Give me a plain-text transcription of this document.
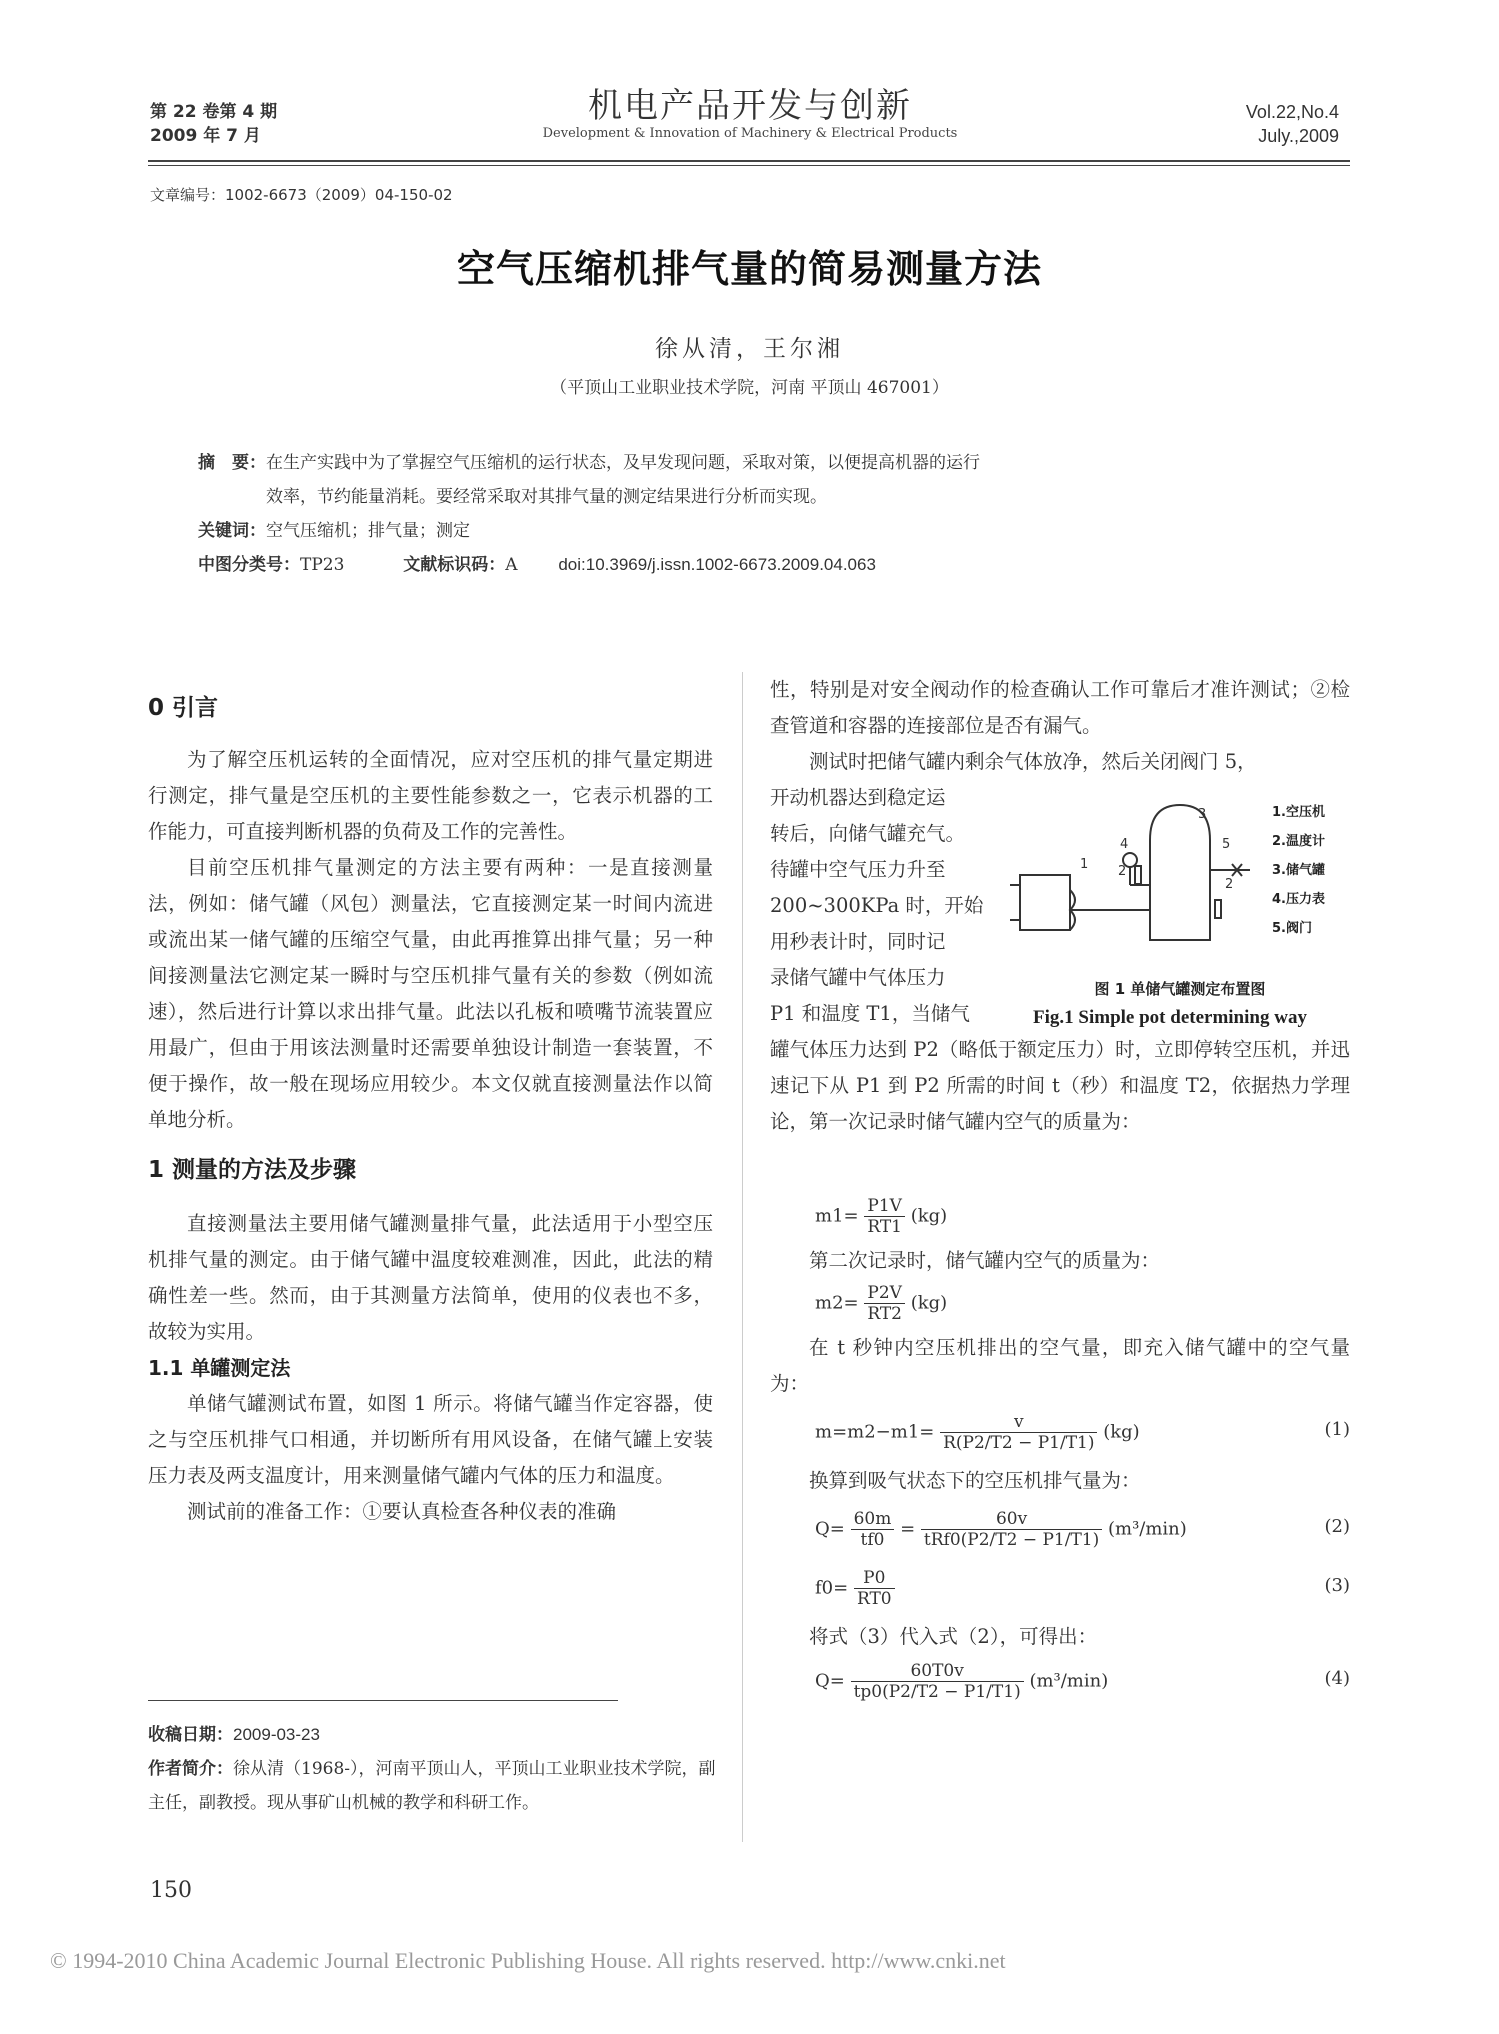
第 22 卷第 4 期
2009 年 7 月
机电产品开发与创新
Development & Innovation of Machinery & Electrical Products
Vol.22,No.4
July.,2009
文章编号：1002-6673（2009）04-150-02
空气压缩机排气量的简易测量方法
徐从清，王尔湘
（平顶山工业职业技术学院，河南 平顶山 467001）
摘　要： 在生产实践中为了掌握空气压缩机的运行状态，及早发现问题，采取对策，以便提高机器的运行
效率，节约能量消耗。要经常采取对其排气量的测定结果进行分析而实现。
关键词：空气压缩机；排气量；测定
中图分类号：TP23	文献标识码：A doi:10.3969/j.issn.1002-6673.2009.04.063
0 引言

为了解空压机运转的全面情况，应对空压机的排气量定期进行测定，排气量是空压机的主要性能参数之一，它表示机器的工作能力，可直接判断机器的负荷及工作的完善性。

目前空压机排气量测定的方法主要有两种：一是直接测量法，例如：储气罐（风包）测量法，它直接测定某一时间内流进或流出某一储气罐的压缩空气量，由此再推算出排气量；另一种间接测量法它测定某一瞬时与空压机排气量有关的参数（例如流速），然后进行计算以求出排气量。此法以孔板和喷嘴节流装置应用最广，但由于用该法测量时还需要单独设计制造一套装置，不便于操作，故一般在现场应用较少。本文仅就直接测量法作以简单地分析。

1 测量的方法及步骤

直接测量法主要用储气罐测量排气量，此法适用于小型空压机排气量的测定。由于储气罐中温度较难测准，因此，此法的精确性差一些。然而，由于其测量方法简单，使用的仪表也不多，故较为实用。

1.1 单罐测定法

单储气罐测试布置，如图 1 所示。将储气罐当作定容器，使之与空压机排气口相通，并切断所有用风设备，在储气罐上安装压力表及两支温度计，用来测量储气罐内气体的压力和温度。

测试前的准备工作：①要认真检查各种仪表的准确

收稿日期：2009-03-23
作者简介：徐从清（1968-），河南平顶山人，平顶山工业职业技术学院，副主任，副教授。现从事矿山机械的教学和科研工作。

性，特别是对安全阀动作的检查确认工作可靠后才准许测试；②检查管道和容器的连接部位是否有漏气。

测试时把储气罐内剩余气体放净，然后关闭阀门 5，

开动机器达到稳定运
转后，向储气罐充气。
待罐中空气压力升至
200~300KPa 时，开始
用秒表计时，同时记
录储气罐中气体压力
P1 和温度 T1，当储气

罐气体压力达到 P2（略低于额定压力）时，立即停转空压机，并迅速记下从 P1 到 P2 所需的时间 t（秒）和温度 T2，依据热力学理论，第一次记录时储气罐内空气的质量为：

1 2
2
3
4	5
1.空压机
2.温度计
3.储气罐
4.压力表
5.阀门
图 1 单储气罐测定布置图
Fig.1 Simple pot determining way
$m1= \frac{P1V}{RT1} (kg)$

第二次记录时，储气罐内空气的质量为：

$m2= \frac{P2V}{RT2} (kg)$

在 t 秒钟内空压机排出的空气量，即充入储气罐中的空气量为：

$m=m2-m1= \frac{v}{R(P2/T2 - P1/T1)} (kg)$	(1)

换算到吸气状态下的空压机排气量为：

$Q= \frac{60m}{tf0} = \frac{60v}{\text{tRf0(P2/T2 − P1/T1)}} (m^3/\min)$	(2)
$f0= \frac{P0}{RT0}$	(3)

将式（3）代入式（2），可得出：

$Q= \frac{60T0v}{tp0(P2/T2 - P1/T1)} (m^3/\min)$	(4)
150
© 1994-2010 China Academic Journal Electronic Publishing House. All rights reserved. http://www.cnki.net
